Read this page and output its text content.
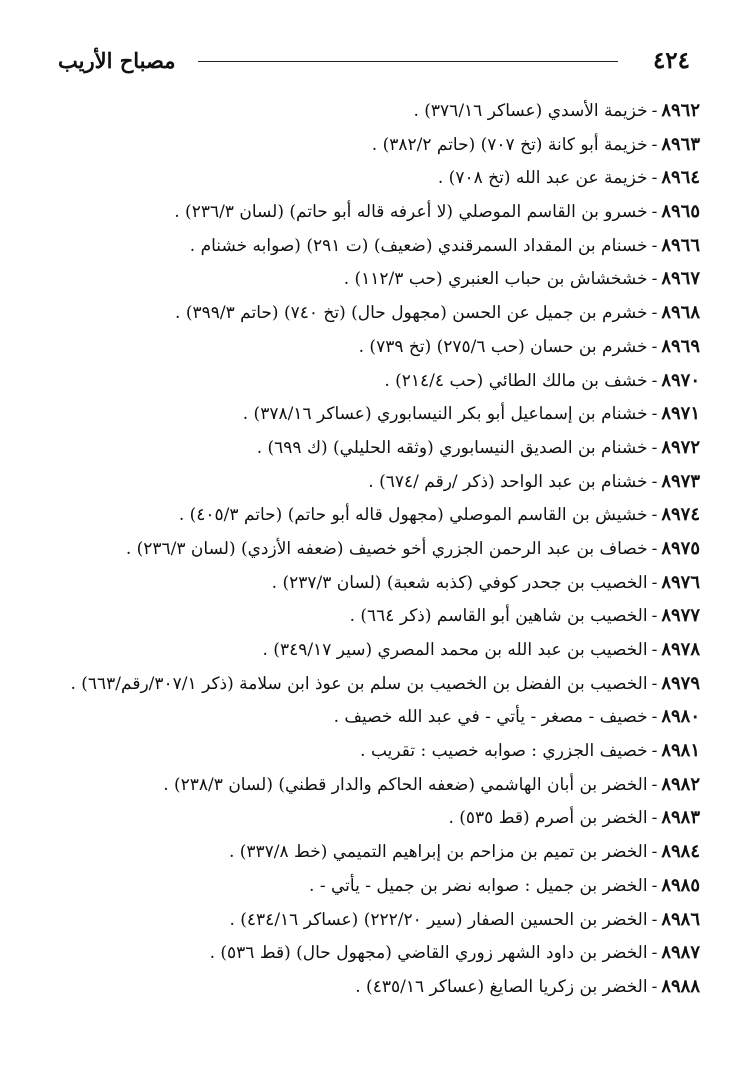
٤٢٤
مصباح الأريب
٨٩٦٢-خزيمة الأسدي (عساكر ٣٧٦/١٦) .
٨٩٦٣-خزيمة أبو كانة (تخ ٧٠٧) (حاتم ٣٨٢/٢) .
٨٩٦٤-خزيمة عن عبد الله (تخ ٧٠٨) .
٨٩٦٥-خسرو بن القاسم الموصلي (لا أعرفه قاله أبو حاتم) (لسان ٢٣٦/٣) .
٨٩٦٦-خسنام بن المقداد السمرقندي (ضعيف) (ت ٢٩١) (صوابه خشنام .
٨٩٦٧-خشخشاش بن حباب العنبري (حب ١١٢/٣) .
٨٩٦٨-خشرم بن جميل عن الحسن (مجهول حال) (تخ ٧٤٠) (حاتم ٣٩٩/٣) .
٨٩٦٩-خشرم بن حسان (حب ٢٧٥/٦) (تخ ٧٣٩) .
٨٩٧٠-خشف بن مالك الطائي (حب ٢١٤/٤) .
٨٩٧١-خشنام بن إسماعيل أبو بكر النيسابوري (عساكر ٣٧٨/١٦) .
٨٩٧٢-خشنام بن الصديق النيسابوري (وثقه الحليلي) (ك ٦٩٩) .
٨٩٧٣-خشنام بن عبد الواحد (ذكر /رقم /٦٧٤) .
٨٩٧٤-خشيش بن القاسم الموصلي (مجهول قاله أبو حاتم) (حاتم ٤٠٥/٣) .
٨٩٧٥-خصاف بن عبد الرحمن الجزري أخو خصيف (ضعفه الأزدي) (لسان ٢٣٦/٣) .
٨٩٧٦-الخصيب بن جحدر كوفي (كذبه شعبة) (لسان ٢٣٧/٣) .
٨٩٧٧-الخصيب بن شاهين أبو القاسم (ذكر ٦٦٤) .
٨٩٧٨-الخصيب بن عبد الله بن محمد المصري (سير ٣٤٩/١٧) .
٨٩٧٩-الخصيب بن الفضل بن الخصيب بن سلم بن عوذ ابن سلامة (ذكر ٣٠٧/١/رقم/٦٦٣) .
٨٩٨٠-خصيف - مصغر - يأتي - في عبد الله خصيف .
٨٩٨١-خصيف الجزري : صوابه خصيب : تقريب .
٨٩٨٢-الخضر بن أبان الهاشمي (ضعفه الحاكم والدار قطني) (لسان ٢٣٨/٣) .
٨٩٨٣-الخضر بن أصرم (قط ٥٣٥) .
٨٩٨٤-الخضر بن تميم بن مزاحم بن إبراهيم التميمي (خط ٣٣٧/٨) .
٨٩٨٥-الخضر بن جميل : صوابه نضر بن جميل - يأتي - .
٨٩٨٦-الخضر بن الحسين الصفار (سير ٢٢٢/٢٠) (عساكر ٤٣٤/١٦) .
٨٩٨٧-الخضر بن داود الشهر زوري القاضي (مجهول حال) (قط ٥٣٦) .
٨٩٨٨-الخضر بن زكريا الصايغ (عساكر ٤٣٥/١٦) .
